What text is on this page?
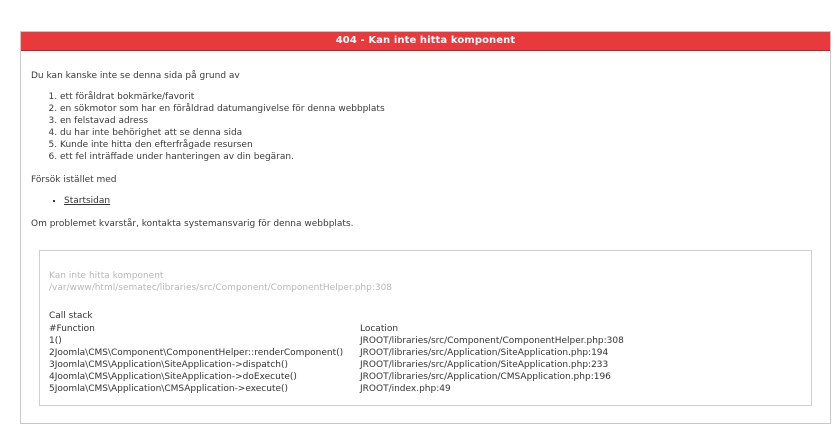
404 - Kan inte hitta komponent

Du kan kanske inte se denna sida på grund av

1. ett föråldrat bokmärke/favorit
2. en sökmotor som har en föråldrad datumangivelse för denna webbplats
3. en felstavad adress
4. du har inte behörighet att se denna sida
5. Kunde inte hitta den efterfrågade resursen
6. ett fel inträffade under hanteringen av din begäran.

Försök istället med

▪ Startsidan

Om problemet kvarstår, kontakta systemansvarig för denna webbplats.

Kan inte hitta komponent
/var/www/html/sematec/libraries/src/Component/ComponentHelper.php:308
Call stack
#Function	Location
1()	JROOT/libraries/src/Component/ComponentHelper.php:308
2Joomla\CMS\Component\ComponentHelper::renderComponent()	JROOT/libraries/src/Application/SiteApplication.php:194
3Joomla\CMS\Application\SiteApplication->dispatch()	JROOT/libraries/src/Application/SiteApplication.php:233
4Joomla\CMS\Application\SiteApplication->doExecute()	JROOT/libraries/src/Application/CMSApplication.php:196
5Joomla\CMS\Application\CMSApplication->execute()	JROOT/index.php:49
